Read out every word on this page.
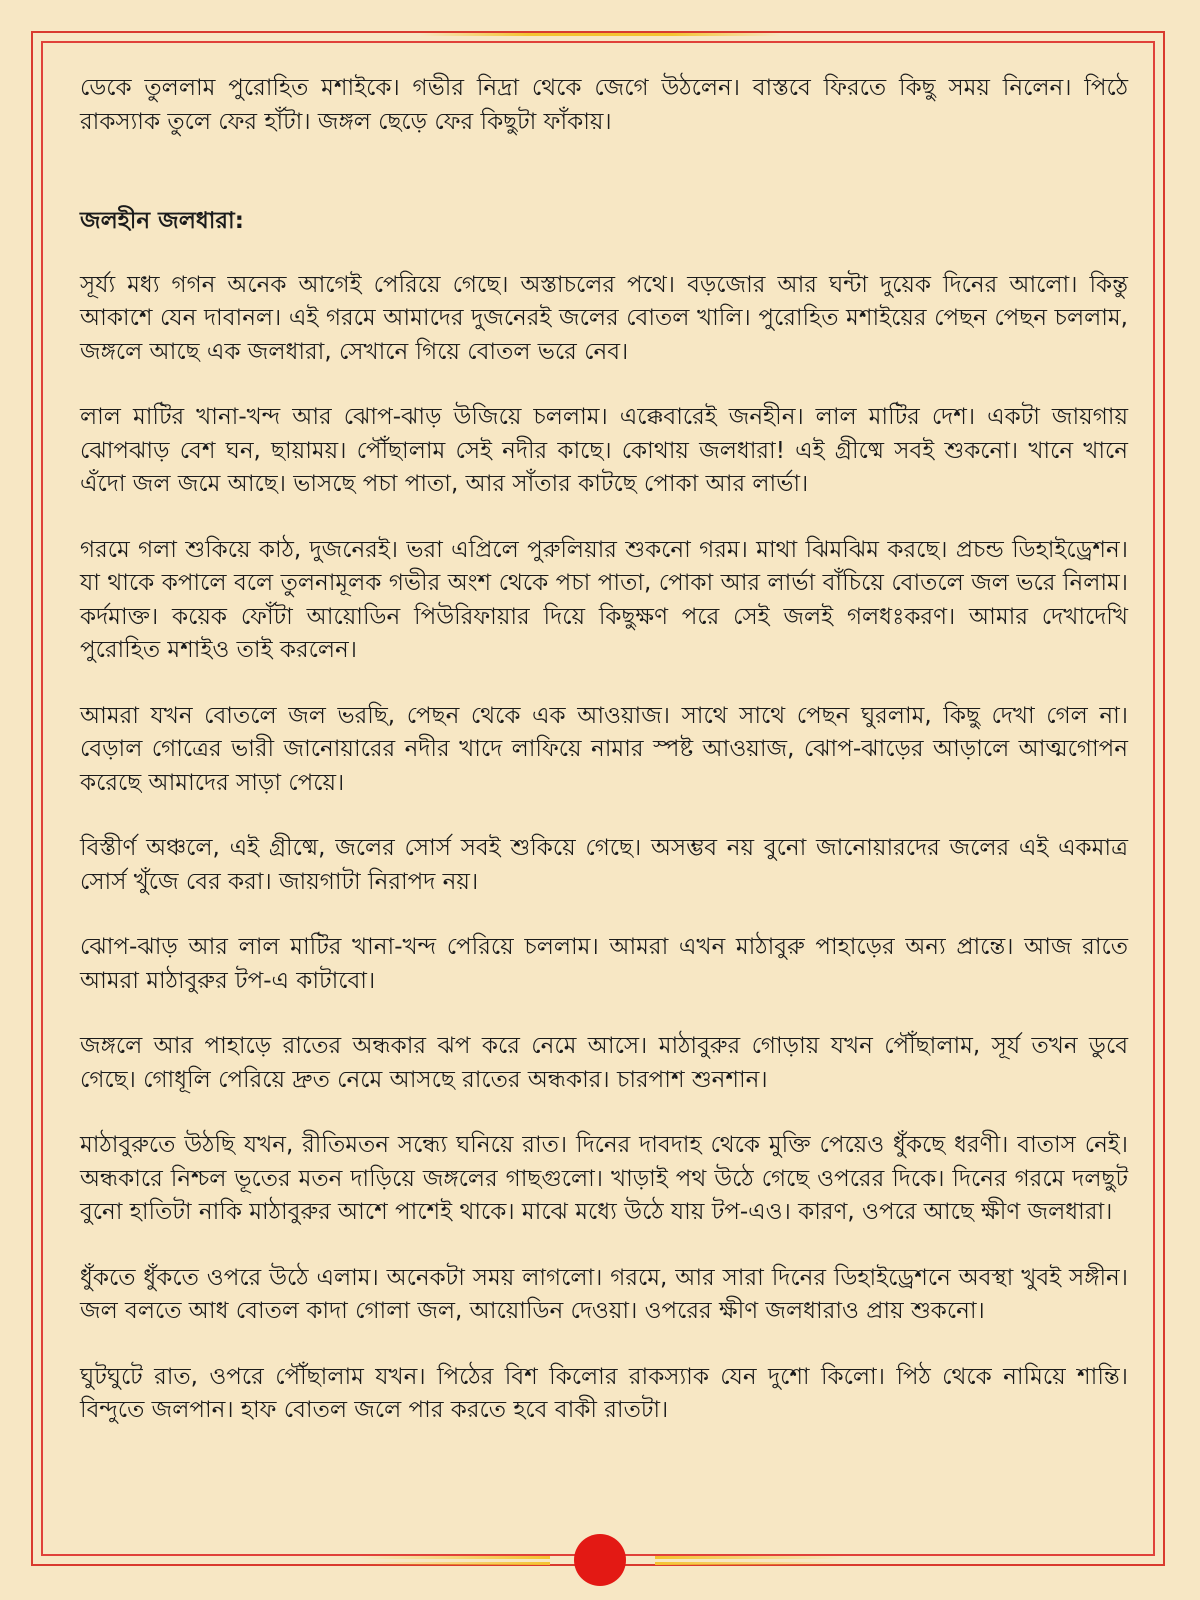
ডেকে তুললাম পুরোহিত মশাইকে। গভীর নিদ্রা থেকে জেগে উঠলেন। বাস্তবে ফিরতে কিছু সময় নিলেন। পিঠে রাকস্যাক তুলে ফের হাঁটা। জঙ্গল ছেড়ে ফের কিছুটা ফাঁকায়।

জলহীন জলধারা:

সূর্য্য মধ্য গগন অনেক আগেই পেরিয়ে গেছে। অস্তাচলের পথে। বড়জোর আর ঘন্টা দুয়েক দিনের আলো। কিন্তু আকাশে যেন দাবানল। এই গরমে আমাদের দুজনেরই জলের বোতল খালি। পুরোহিত মশাইয়ের পেছন পেছন চললাম, জঙ্গলে আছে এক জলধারা, সেখানে গিয়ে বোতল ভরে নেব।

লাল মাটির খানা-খন্দ আর ঝোপ-ঝাড় উজিয়ে চললাম। এক্কেবারেই জনহীন। লাল মাটির দেশ। একটা জায়গায় ঝোপঝাড় বেশ ঘন, ছায়াময়। পৌঁছালাম সেই নদীর কাছে। কোথায় জলধারা! এই গ্রীষ্মে সবই শুকনো। খানে খানে এঁদো জল জমে আছে। ভাসছে পচা পাতা, আর সাঁতার কাটছে পোকা আর লার্ভা।

গরমে গলা শুকিয়ে কাঠ, দুজনেরই। ভরা এপ্রিলে পুরুলিয়ার শুকনো গরম। মাথা ঝিমঝিম করছে। প্রচন্ড ডিহাইড্রেশন। যা থাকে কপালে বলে তুলনামূলক গভীর অংশ থেকে পচা পাতা, পোকা আর লার্ভা বাঁচিয়ে বোতলে জল ভরে নিলাম। কর্দমাক্ত। কয়েক ফোঁটা আয়োডিন পিউরিফায়ার দিয়ে কিছুক্ষণ পরে সেই জলই গলধঃকরণ। আমার দেখাদেখি পুরোহিত মশাইও তাই করলেন।

আমরা যখন বোতলে জল ভরছি, পেছন থেকে এক আওয়াজ। সাথে সাথে পেছন ঘুরলাম, কিছু দেখা গেল না। বেড়াল গোত্রের ভারী জানোয়ারের নদীর খাদে লাফিয়ে নামার স্পষ্ট আওয়াজ, ঝোপ-ঝাড়ের আড়ালে আত্মগোপন করেছে আমাদের সাড়া পেয়ে।

বিস্তীর্ণ অঞ্চলে, এই গ্রীষ্মে, জলের সোর্স সবই শুকিয়ে গেছে। অসম্ভব নয় বুনো জানোয়ারদের জলের এই একমাত্র সোর্স খুঁজে বের করা। জায়গাটা নিরাপদ নয়।

ঝোপ-ঝাড় আর লাল মাটির খানা-খন্দ পেরিয়ে চললাম। আমরা এখন মাঠাবুরু পাহাড়ের অন্য প্রান্তে। আজ রাতে আমরা মাঠাবুরুর টপ-এ কাটাবো।

জঙ্গলে আর পাহাড়ে রাতের অন্ধকার ঝপ করে নেমে আসে। মাঠাবুরুর গোড়ায় যখন পৌঁছালাম, সূর্য তখন ডুবে গেছে। গোধূলি পেরিয়ে দ্রুত নেমে আসছে রাতের অন্ধকার। চারপাশ শুনশান।

মাঠাবুরুতে উঠছি যখন, রীতিমতন সন্ধ্যে ঘনিয়ে রাত। দিনের দাবদাহ থেকে মুক্তি পেয়েও ধুঁকছে ধরণী। বাতাস নেই। অন্ধকারে নিশ্চল ভূতের মতন দাড়িয়ে জঙ্গলের গাছগুলো। খাড়াই পথ উঠে গেছে ওপরের দিকে। দিনের গরমে দলছুট বুনো হাতিটা নাকি মাঠাবুরুর আশে পাশেই থাকে। মাঝে মধ্যে উঠে যায় টপ-এও। কারণ, ওপরে আছে ক্ষীণ জলধারা।

ধুঁকতে ধুঁকতে ওপরে উঠে এলাম। অনেকটা সময় লাগলো। গরমে, আর সারা দিনের ডিহাইড্রেশনে অবস্থা খুবই সঙ্গীন। জল বলতে আধ বোতল কাদা গোলা জল, আয়োডিন দেওয়া। ওপরের ক্ষীণ জলধারাও প্রায় শুকনো।

ঘুটঘুটে রাত, ওপরে পৌঁছালাম যখন। পিঠের বিশ কিলোর রাকস্যাক যেন দুশো কিলো। পিঠ থেকে নামিয়ে শান্তি। বিন্দুতে জলপান। হাফ বোতল জলে পার করতে হবে বাকী রাতটা।
